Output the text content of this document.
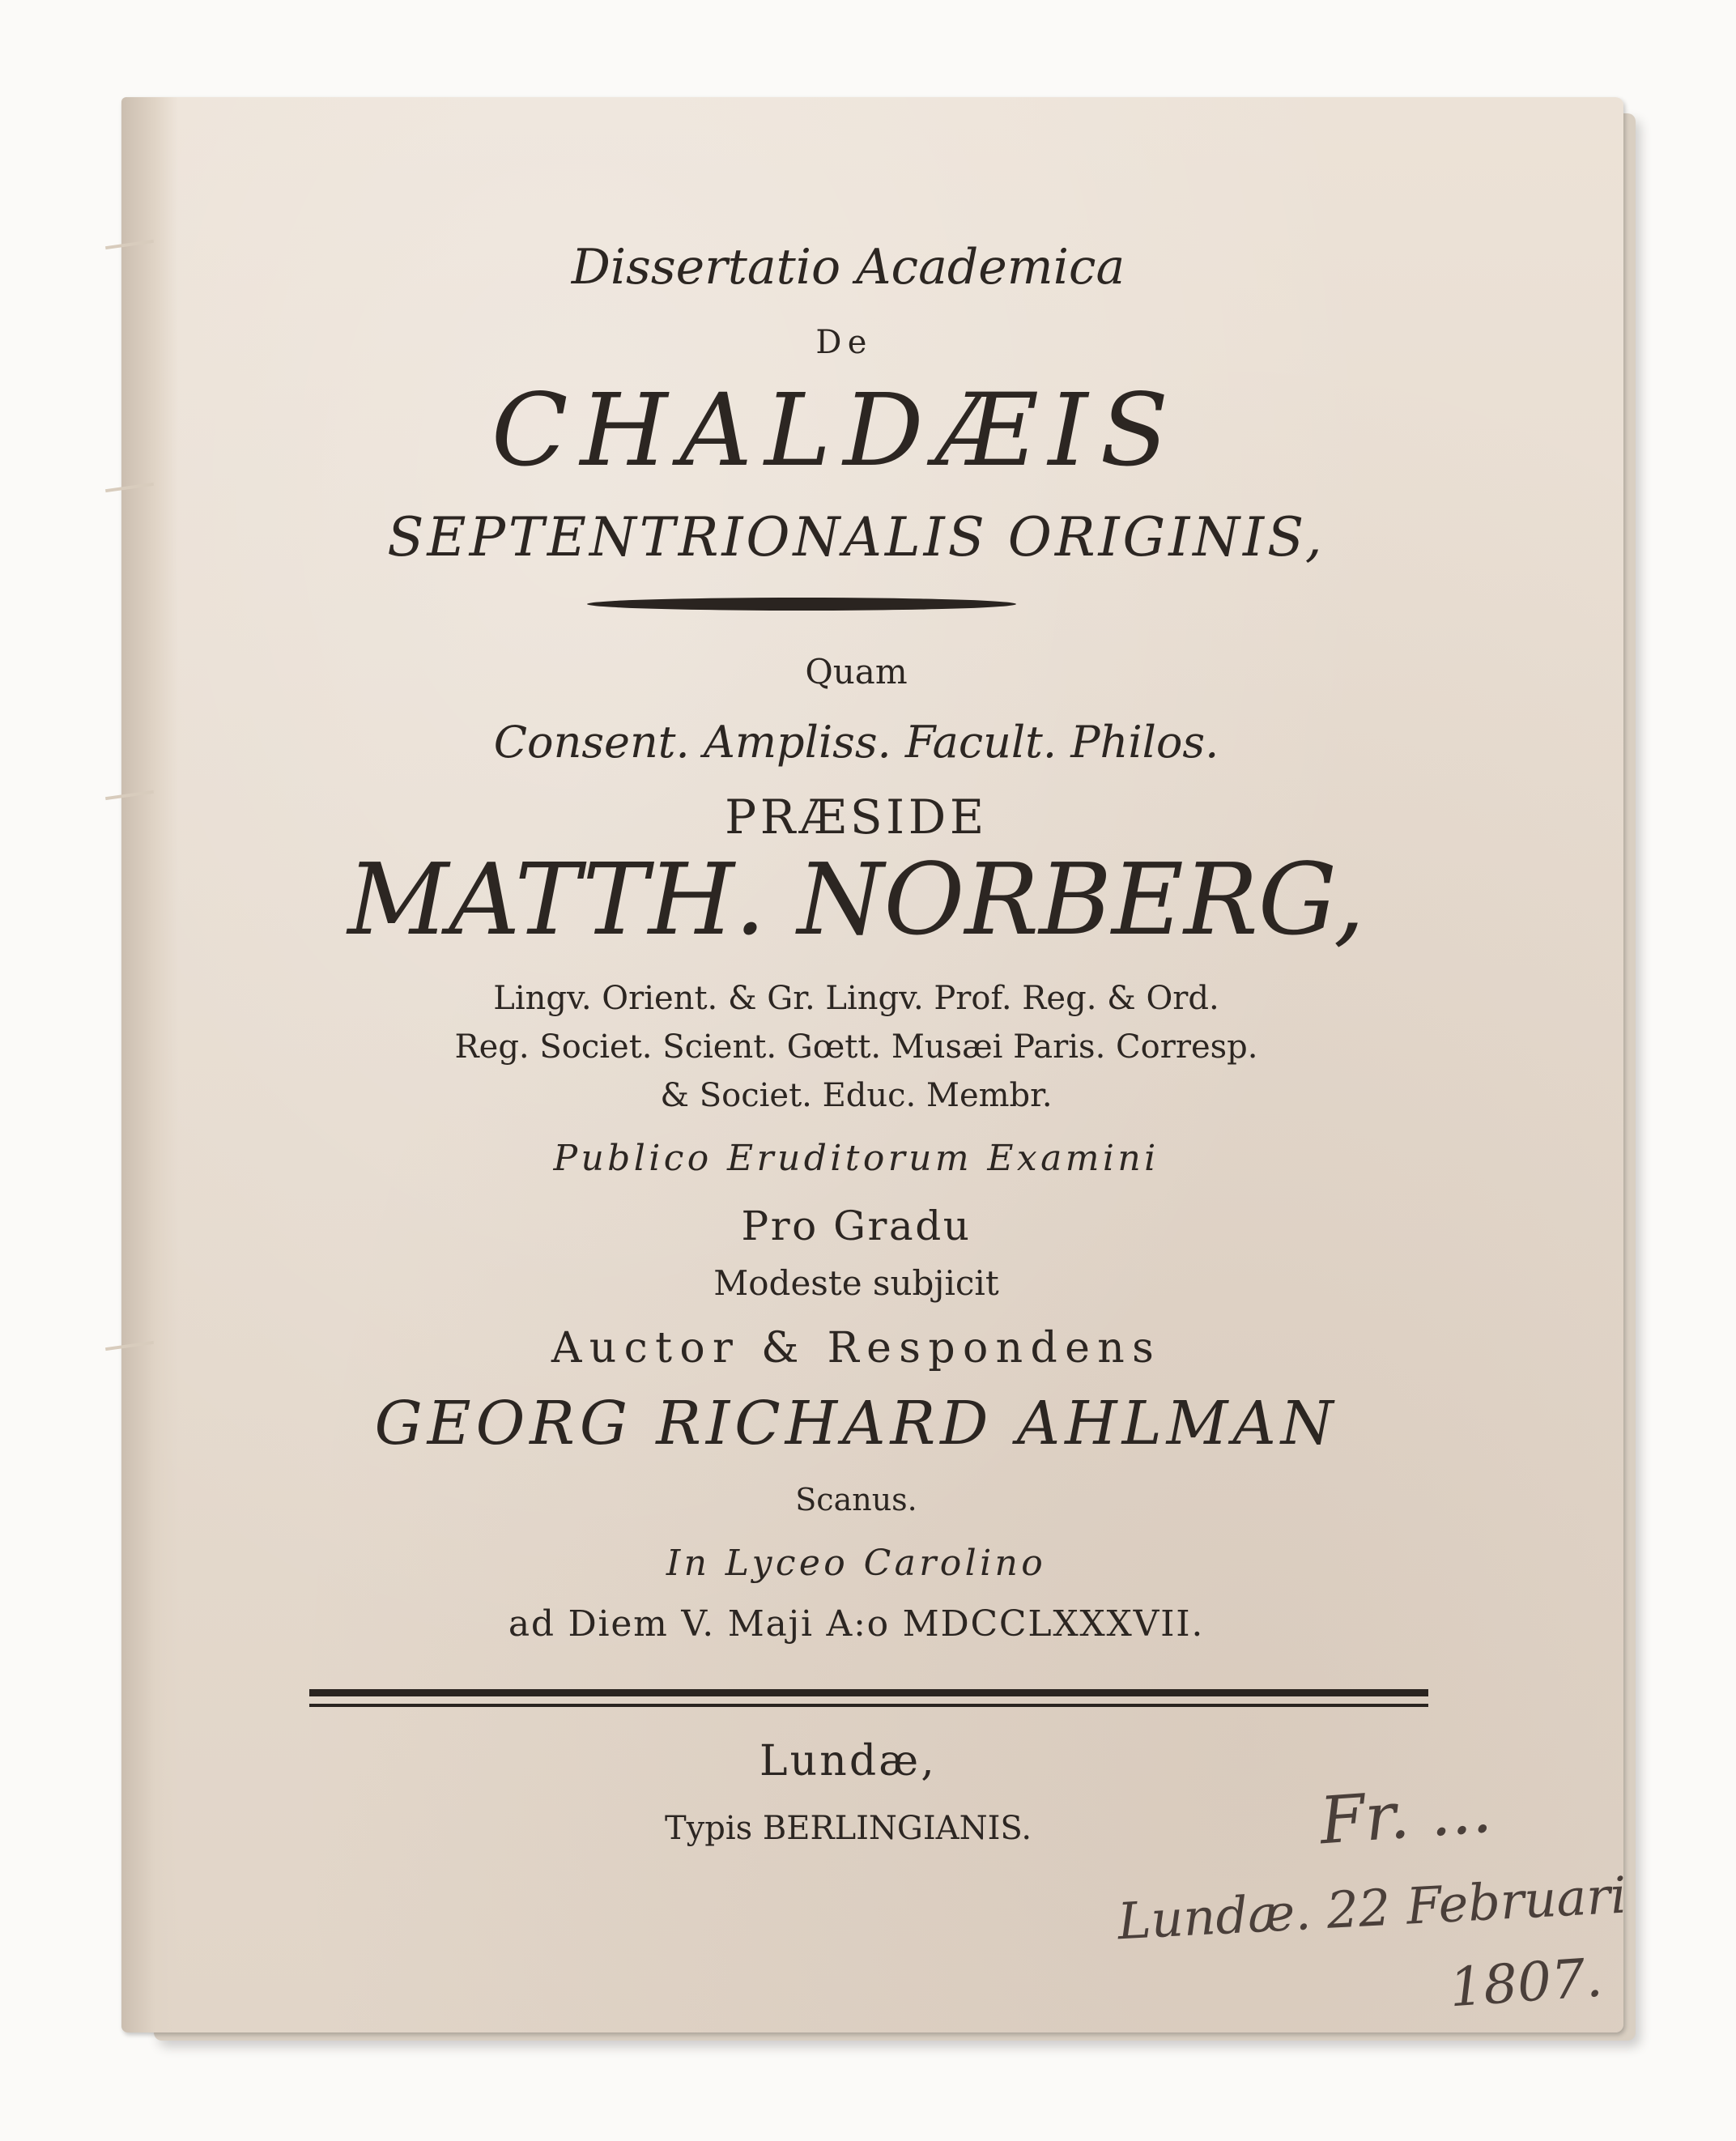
Dissertatio Academica
De
CHALDÆIS
SEPTENTRIONALIS ORIGINIS,
Quam
Consent. Ampliss. Facult. Philos.
PRÆSIDE
MATTH. NORBERG,
Lingv. Orient. & Gr. Lingv. Prof. Reg. & Ord.
Reg. Societ. Scient. Gœtt. Musæi Paris. Corresp.
& Societ. Educ. Membr.
Publico Eruditorum Examini
Pro Gradu
Modeste subjicit
Auctor & Respondens
GEORG RICHARD AHLMAN
Scanus.
In Lyceo Carolino
ad Diem V. Maji A:o MDCCLXXXVII.
Lundæ,
Typis BERLINGIANIS.	Fr. ...
Lundæ. 22 Februari
1807.
